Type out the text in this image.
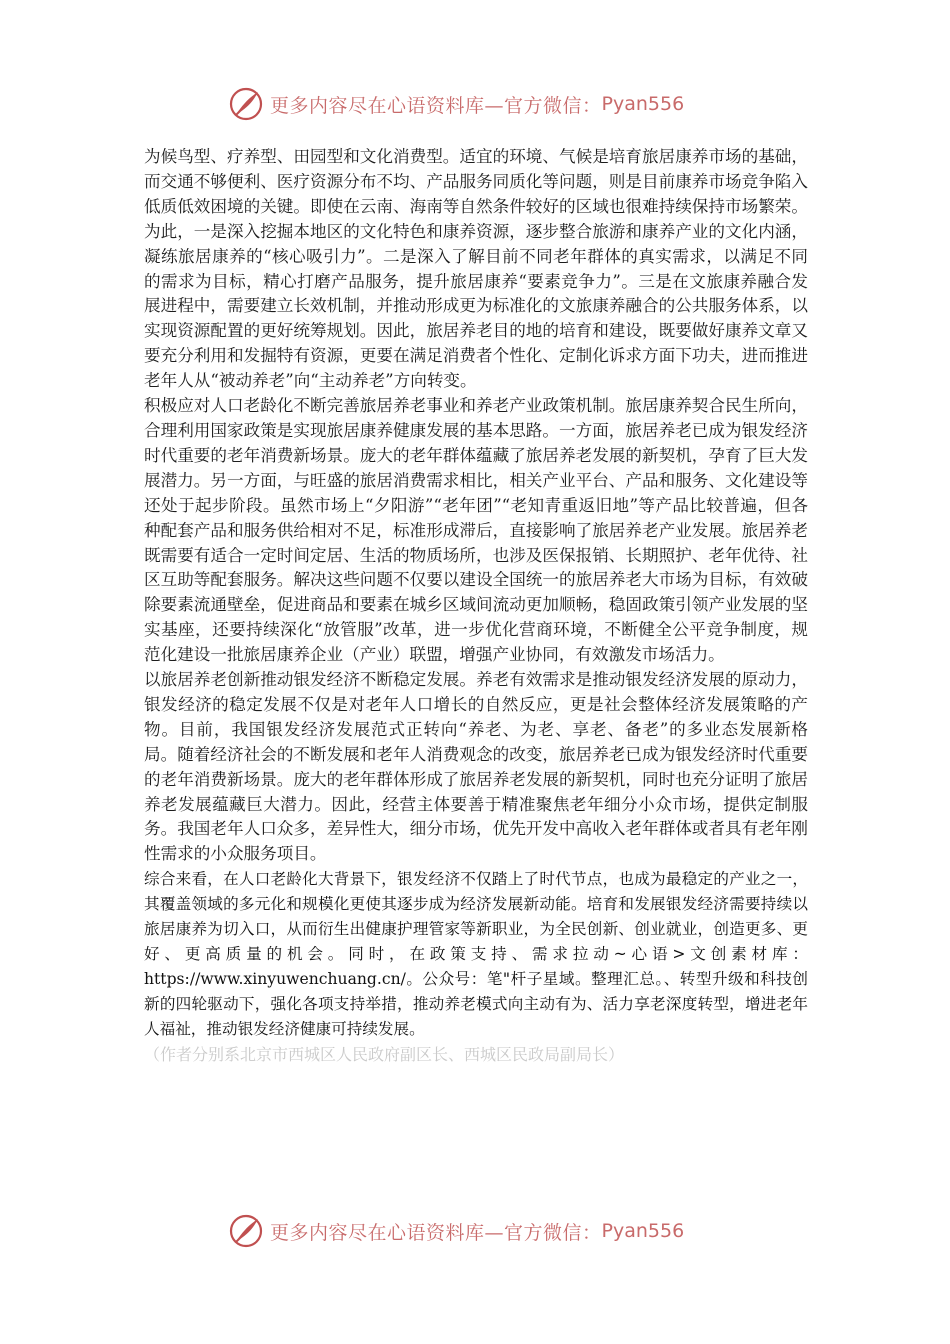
更多内容尽在心语资料库—官方微信： Pyan556

为候鸟型、疗养型、田园型和文化消费型。适宜的环境、气候是培育旅居康养市场的基础，而交通不够便利、医疗资源分布不均、产品服务同质化等问题，则是目前康养市场竞争陷入低质低效困境的关键。即使在云南、海南等自然条件较好的区域也很难持续保持市场繁荣。为此，一是深入挖掘本地区的文化特色和康养资源，逐步整合旅游和康养产业的文化内涵，凝练旅居康养的“核心吸引力”。二是深入了解目前不同老年群体的真实需求，以满足不同的需求为目标，精心打磨产品服务，提升旅居康养“要素竞争力”。三是在文旅康养融合发展进程中，需要建立长效机制，并推动形成更为标准化的文旅康养融合的公共服务体系，以实现资源配置的更好统筹规划。因此，旅居养老目的地的培育和建设，既要做好康养文章又要充分利用和发掘特有资源，更要在满足消费者个性化、定制化诉求方面下功夫，进而推进老年人从“被动养老”向“主动养老”方向转变。

积极应对人口老龄化不断完善旅居养老事业和养老产业政策机制。旅居康养契合民生所向，合理利用国家政策是实现旅居康养健康发展的基本思路。一方面，旅居养老已成为银发经济时代重要的老年消费新场景。庞大的老年群体蕴藏了旅居养老发展的新契机，孕育了巨大发展潜力。另一方面，与旺盛的旅居消费需求相比，相关产业平台、产品和服务、文化建设等还处于起步阶段。虽然市场上“夕阳游”“老年团”“老知青重返旧地”等产品比较普遍，但各种配套产品和服务供给相对不足，标准形成滞后，直接影响了旅居养老产业发展。旅居养老既需要有适合一定时间定居、生活的物质场所，也涉及医保报销、长期照护、老年优待、社区互助等配套服务。解决这些问题不仅要以建设全国统一的旅居养老大市场为目标，有效破除要素流通壁垒，促进商品和要素在城乡区域间流动更加顺畅，稳固政策引领产业发展的坚实基座，还要持续深化“放管服”改革，进一步优化营商环境，不断健全公平竞争制度，规范化建设一批旅居康养企业（产业）联盟，增强产业协同，有效激发市场活力。

以旅居养老创新推动银发经济不断稳定发展。养老有效需求是推动银发经济发展的原动力，银发经济的稳定发展不仅是对老年人口增长的自然反应，更是社会整体经济发展策略的产物。目前，我国银发经济发展范式正转向“养老、为老、享老、备老”的多业态发展新格局。随着经济社会的不断发展和老年人消费观念的改变，旅居养老已成为银发经济时代重要的老年消费新场景。庞大的老年群体形成了旅居养老发展的新契机，同时也充分证明了旅居养老发展蕴藏巨大潜力。因此，经营主体要善于精准聚焦老年细分小众市场，提供定制服务。我国老年人口众多，差异性大，细分市场，优先开发中高收入老年群体或者具有老年刚性需求的小众服务项目。

综合来看，在人口老龄化大背景下，银发经济不仅踏上了时代节点，也成为最稳定的产业之一，其覆盖领域的多元化和规模化更使其逐步成为经济发展新动能。培育和发展银发经济需要持续以旅居康养为切入口，从而衍生出健康护理管家等新职业，为全民创新、创业就业，创造更多、更好、更高质量的机会。同时，在政策支持、需求拉动~心语>文创素材库：https://www.xinyuwenchuang.cn/。公众号：笔"杆子星域。整理汇总。、转型升级和科技创新的四轮驱动下，强化各项支持举措，推动养老模式向主动有为、活力享老深度转型，增进老年人福祉，推动银发经济健康可持续发展。

（作者分别系北京市西城区人民政府副区长、西城区民政局副局长）

更多内容尽在心语资料库—官方微信： Pyan556
